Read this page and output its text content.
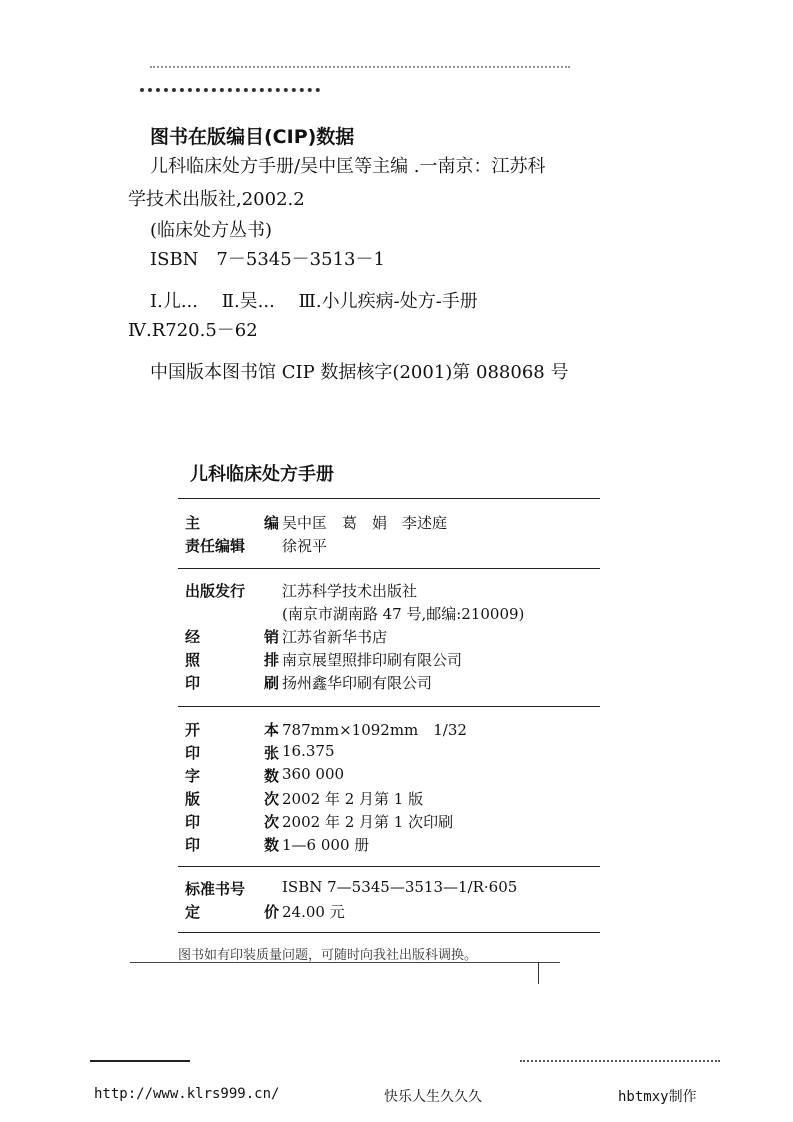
图书在版编目(CIP)数据
儿科临床处方手册/吴中匡等主编 .一南京：江苏科
学技术出版社,2002.2
(临床处方丛书)
ISBN　7－5345－3513－1
Ⅰ.儿...　 Ⅱ.吴...　 Ⅲ.小儿疾病-处方-手册
Ⅳ.R720.5－62
中国版本图书馆 CIP 数据核字(2001)第 088068 号
儿科临床处方手册
主	编 吴中匡　葛　娟　李述庭
责任编辑 徐祝平
出版发行 江苏科学技术出版社
(南京市湖南路 47 号,邮编:210009)
经	销 江苏省新华书店
照	排 南京展望照排印刷有限公司
印	刷 扬州鑫华印刷有限公司
开	本 787mm×1092mm　1/32
印	张 16.375
字	数 360 000
版	次 2002 年 2 月第 1 版
印	次 2002 年 2 月第 1 次印刷
印	数 1—6 000 册
标准书号 ISBN 7—5345—3513—1/R·605
定	价 24.00 元
图书如有印装质量问题，可随时向我社出版科调换。
http://www.klrs999.cn/	快乐人生久久久	hbtmxy制作
